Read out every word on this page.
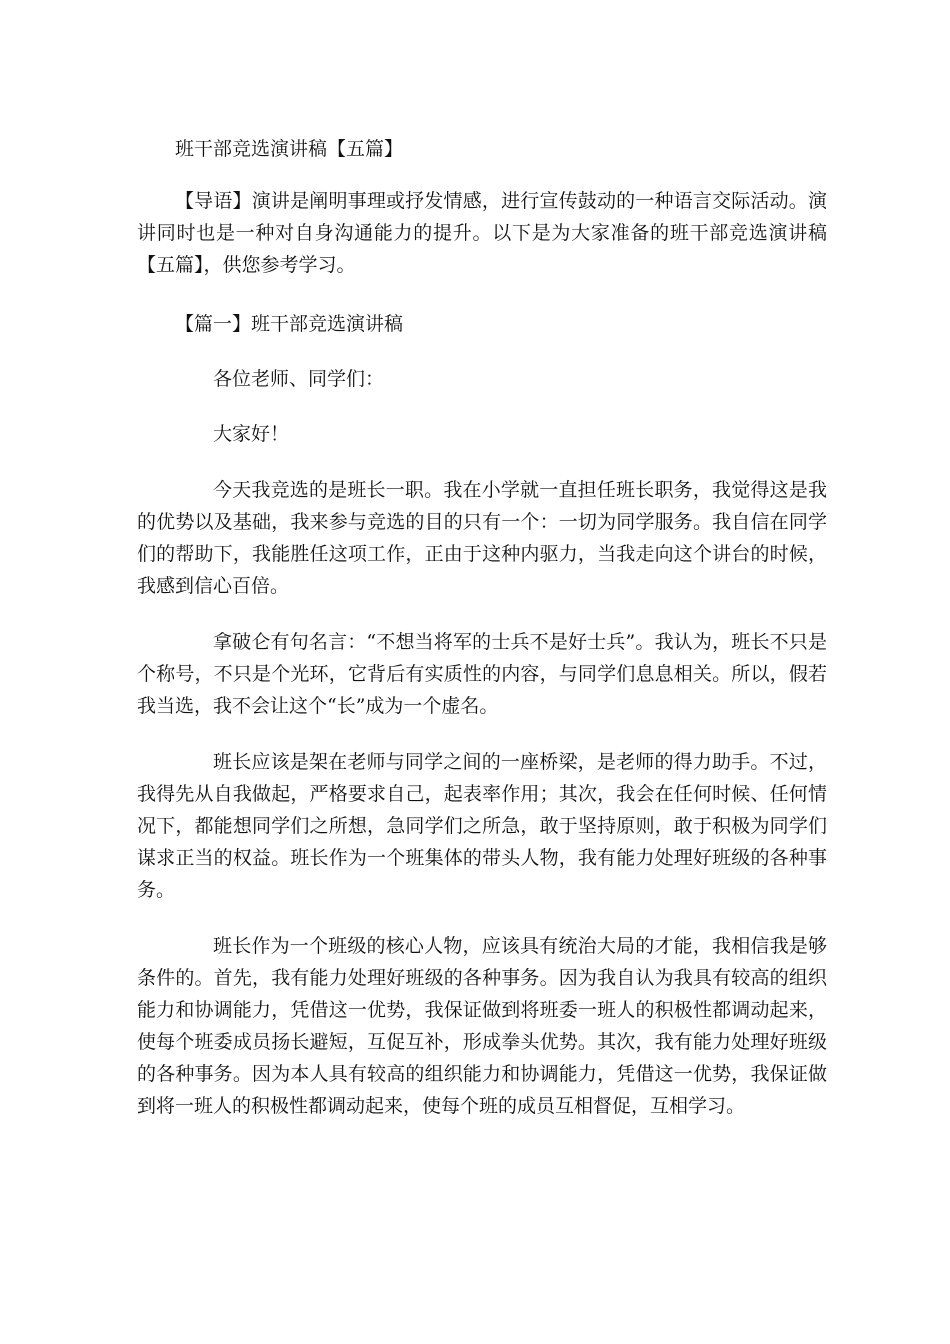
班干部竞选演讲稿【五篇】
【导语】演讲是阐明事理或抒发情感，进行宣传鼓动的一种语言交际活动。演讲同时也是一种对自身沟通能力的提升。以下是为大家准备的班干部竞选演讲稿【五篇】，供您参考学习。
【篇一】班干部竞选演讲稿
各位老师、同学们：
大家好！
今天我竞选的是班长一职。我在小学就一直担任班长职务，我觉得这是我的优势以及基础，我来参与竞选的目的只有一个：一切为同学服务。我自信在同学们的帮助下，我能胜任这项工作，正由于这种内驱力，当我走向这个讲台的时候，我感到信心百倍。
拿破仑有句名言：“不想当将军的士兵不是好士兵”。我认为，班长不只是个称号，不只是个光环，它背后有实质性的内容，与同学们息息相关。所以，假若我当选，我不会让这个“长”成为一个虚名。
班长应该是架在老师与同学之间的一座桥梁，是老师的得力助手。不过，我得先从自我做起，严格要求自己，起表率作用；其次，我会在任何时候、任何情况下，都能想同学们之所想，急同学们之所急，敢于坚持原则，敢于积极为同学们谋求正当的权益。班长作为一个班集体的带头人物，我有能力处理好班级的各种事务。
班长作为一个班级的核心人物，应该具有统治大局的才能，我相信我是够条件的。首先，我有能力处理好班级的各种事务。因为我自认为我具有较高的组织能力和协调能力，凭借这一优势，我保证做到将班委一班人的积极性都调动起来，使每个班委成员扬长避短，互促互补，形成拳头优势。其次，我有能力处理好班级的各种事务。因为本人具有较高的组织能力和协调能力，凭借这一优势，我保证做到将一班人的积极性都调动起来，使每个班的成员互相督促，互相学习。
